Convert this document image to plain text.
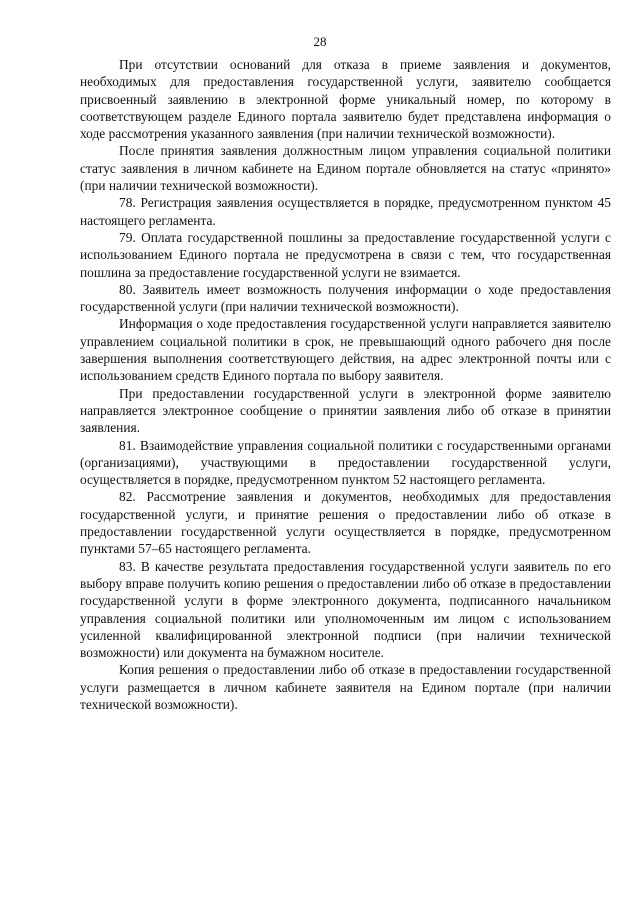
28

При отсутствии оснований для отказа в приеме заявления и документов, необходимых для предоставления государственной услуги, заявителю сообщается присвоенный заявлению в электронной форме уникальный номер, по которому в соответствующем разделе Единого портала заявителю будет представлена информация о ходе рассмотрения указанного заявления (при наличии технической возможности).

После принятия заявления должностным лицом управления социальной политики статус заявления в личном кабинете на Едином портале обновляется на статус «принято» (при наличии технической возможности).

78. Регистрация заявления осуществляется в порядке, предусмотренном пунктом 45 настоящего регламента.

79. Оплата государственной пошлины за предоставление государственной услуги с использованием Единого портала не предусмотрена в связи с тем, что государственная пошлина за предоставление государственной услуги не взимается.

80. Заявитель имеет возможность получения информации о ходе предоставления государственной услуги (при наличии технической возможности).

Информация о ходе предоставления государственной услуги направляется заявителю управлением социальной политики в срок, не превышающий одного рабочего дня после завершения выполнения соответствующего действия, на адрес электронной почты или с использованием средств Единого портала по выбору заявителя.

При предоставлении государственной услуги в электронной форме заявителю направляется электронное сообщение о принятии заявления либо об отказе в принятии заявления.

81. Взаимодействие управления социальной политики с государственными органами (организациями), участвующими в предоставлении государственной услуги, осуществляется в порядке, предусмотренном пунктом 52 настоящего регламента.

82. Рассмотрение заявления и документов, необходимых для предоставления государственной услуги, и принятие решения о предоставлении либо об отказе в предоставлении государственной услуги осуществляется в порядке, предусмотренном пунктами 57–65 настоящего регламента.

83. В качестве результата предоставления государственной услуги заявитель по его выбору вправе получить копию решения о предоставлении либо об отказе в предоставлении государственной услуги в форме электронного документа, подписанного начальником управления социальной политики или уполномоченным им лицом с использованием усиленной квалифицированной электронной подписи (при наличии технической возможности) или документа на бумажном носителе.

Копия решения о предоставлении либо об отказе в предоставлении государственной услуги размещается в личном кабинете заявителя на Едином портале (при наличии технической возможности).
